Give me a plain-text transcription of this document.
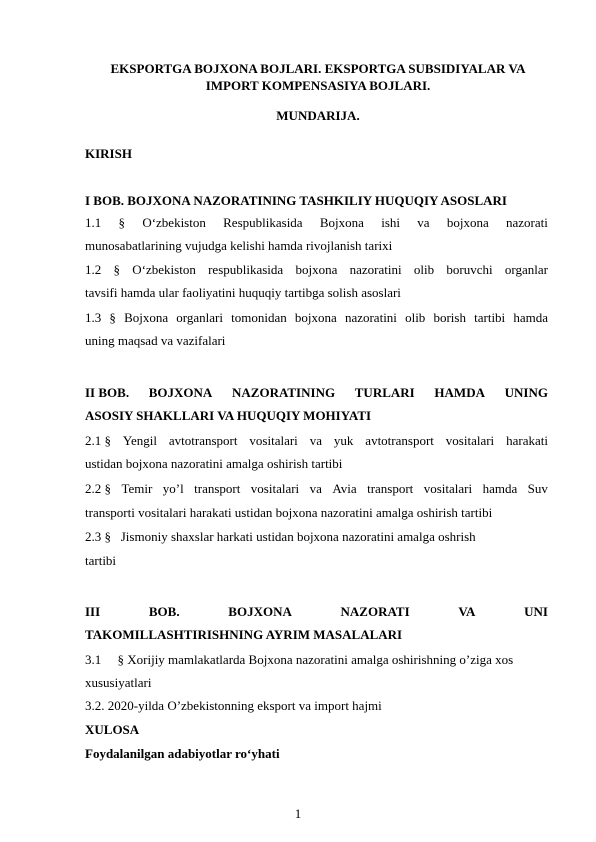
EKSPORTGA BOJXONA BOJLARI. EKSPORTGA SUBSIDIYALAR VA
IMPORT KOMPENSASIYA BOJLARI.
MUNDARIJA.
KIRISH
I BOB. BOJXONA NAZORATINING TASHKILIY HUQUQIY ASOSLARI
1.1 § O‘zbekiston Respublikasida Bojxona ishi va bojxona nazorati
munosabatlarining vujudga kelishi hamda rivojlanish tarixi
1.2 § O‘zbekiston respublikasida bojxona nazoratini olib boruvchi organlar
tavsifi hamda ular faoliyatini huquqiy tartibga solish asoslari
1.3 § Bojxona organlari tomonidan bojxona nazoratini olib borish tartibi hamda
uning maqsad va vazifalari
II BOB. BOJXONA NAZORATINING TURLARI HAMDA UNING
ASOSIY SHAKLLARI VA HUQUQIY MOHIYATI
2.1 § Yengil avtotransport vositalari va yuk avtotransport vositalari harakati
ustidan bojxona nazoratini amalga oshirish tartibi
2.2 § Temir yo’l transport vositalari va Avia transport vositalari hamda Suv
transporti vositalari harakati ustidan bojxona nazoratini amalga oshirish tartibi
2.3 §   Jismoniy shaxslar harkati ustidan bojxona nazoratini amalga oshrish
tartibi
III	BOB.	BOJXONA	NAZORATI	VA	UNI
TAKOMILLASHTIRISHNING AYRIM MASALALARI
3.1     § Xorijiy mamlakatlarda Bojxona nazoratini amalga oshirishning o’ziga xos
xususiyatlari
3.2. 2020-yilda O’zbekistonning eksport va import hajmi
XULOSA
Foydalanilgan adabiyotlar ro‘yhati
1
